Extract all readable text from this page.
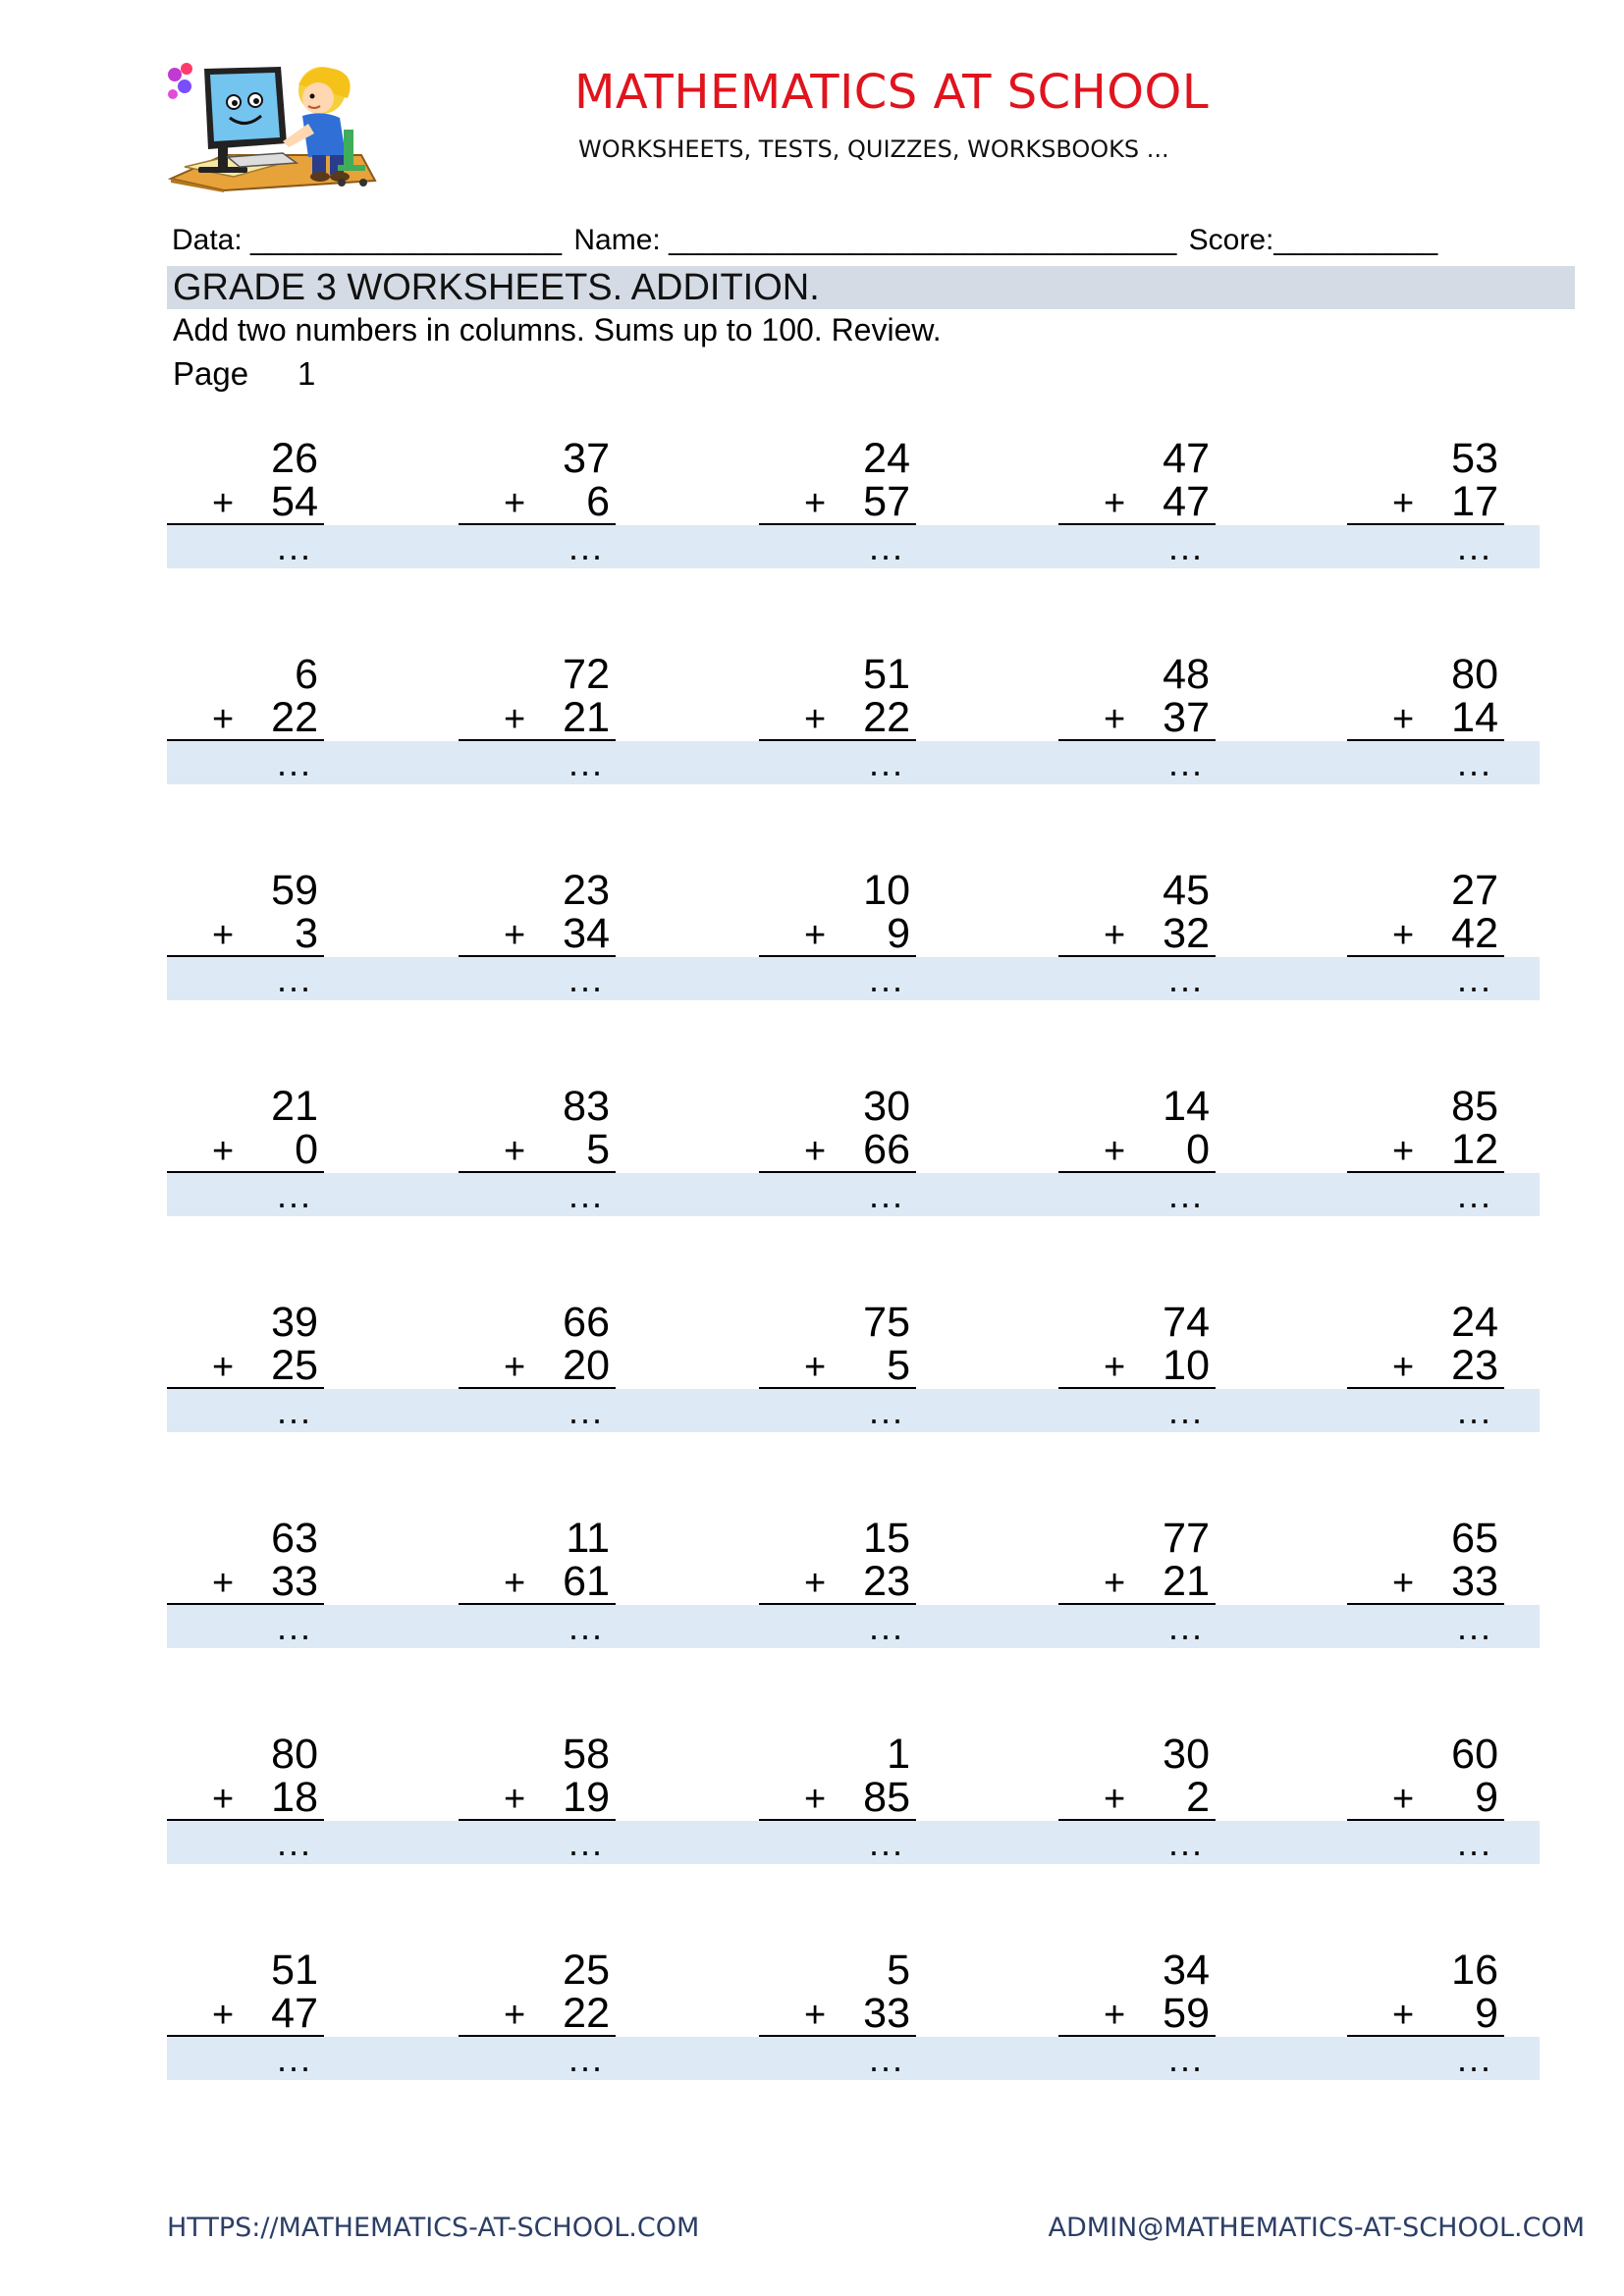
MATHEMATICS AT SCHOOL
WORKSHEETS, TESTS, QUIZZES, WORKSBOOKS ...
Data: ___________________ Name: _______________________________ Score:__________
GRADE 3 WORKSHEETS. ADDITION.
Add two numbers in columns. Sums up to 100. Review.
Page 1
26
+ 54
...
37
+ 6
...
24
+ 57
...
47
+ 47
...
53
+ 17
...
6
+ 22
...
72
+ 21
...
51
+ 22
...
48
+ 37
...
80
+ 14
...
59
+ 3
...
23
+ 34
...
10
+ 9
...
45
+ 32
...
27
+ 42
...
21
+ 0
...
83
+ 5
...
30
+ 66
...
14
+ 0
...
85
+ 12
...
39
+ 25
...
66
+ 20
...
75
+ 5
...
74
+ 10
...
24
+ 23
...
63
+ 33
...
11
+ 61
...
15
+ 23
...
77
+ 21
...
65
+ 33
...
80
+ 18
...
58
+ 19
...
1
+ 85
...
30
+ 2
...
60
+ 9
...
51
+ 47
...
25
+ 22
...
5
+ 33
...
34
+ 59
...
16
+ 9
...
HTTPS://MATHEMATICS-AT-SCHOOL.COM	ADMIN@MATHEMATICS-AT-SCHOOL.COM
